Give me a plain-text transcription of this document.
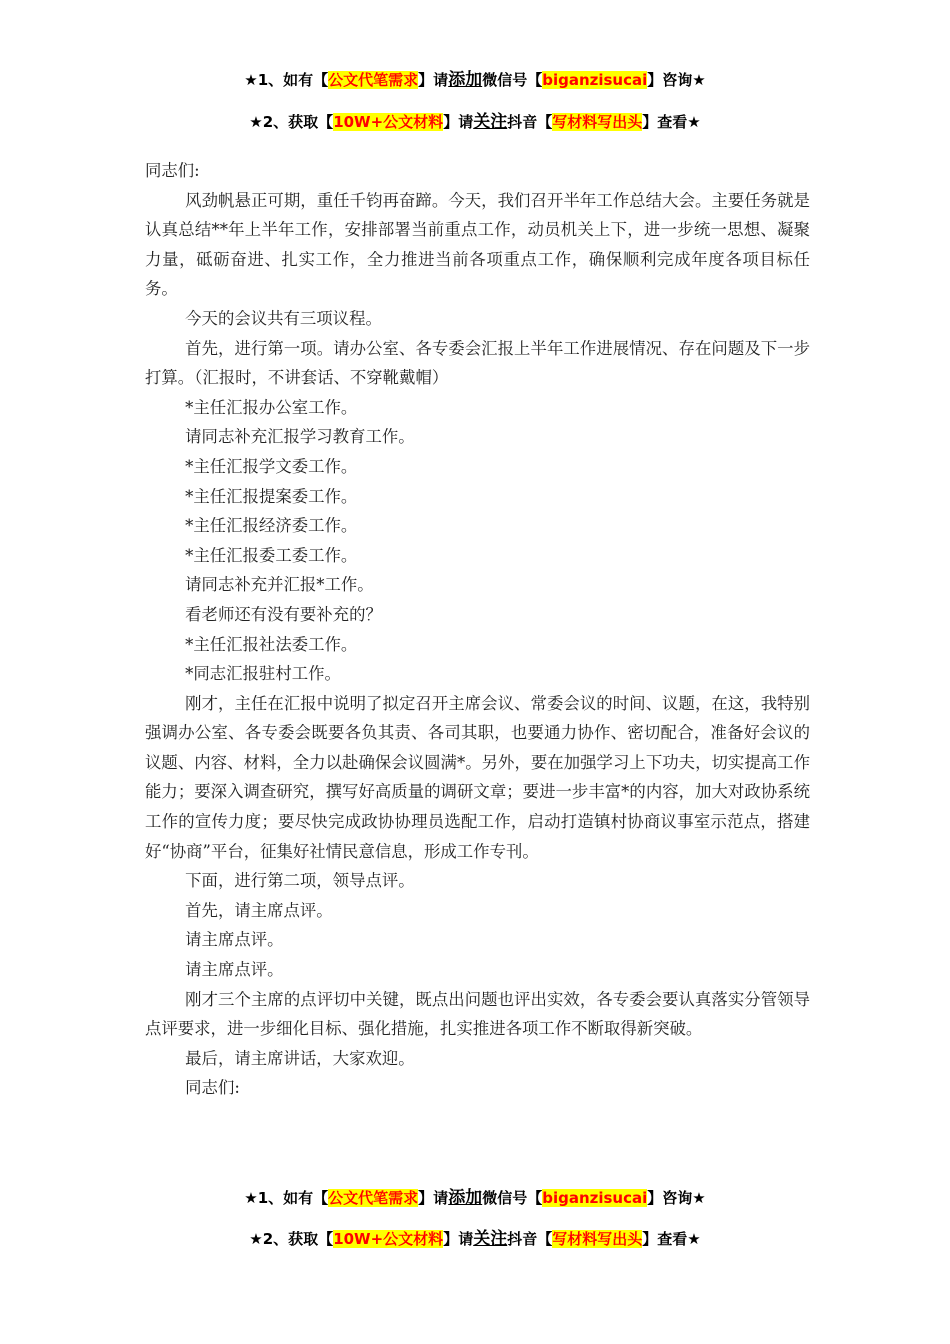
★1、如有【公文代笔需求】请添加微信号【biganzisucai】咨询★
★2、获取【10W+公文材料】请关注抖音【写材料写出头】查看★

同志们:

风劲帆悬正可期，重任千钧再奋蹄。今天，我们召开半年工作总结大会。主要任务就是认真总结**年上半年工作，安排部署当前重点工作，动员机关上下，进一步统一思想、凝聚力量，砥砺奋进、扎实工作，全力推进当前各项重点工作，确保顺利完成年度各项目标任务。

今天的会议共有三项议程。

首先，进行第一项。请办公室、各专委会汇报上半年工作进展情况、存在问题及下一步打算。（汇报时，不讲套话、不穿靴戴帽）

*主任汇报办公室工作。

请同志补充汇报学习教育工作。

*主任汇报学文委工作。

*主任汇报提案委工作。

*主任汇报经济委工作。

*主任汇报委工委工作。

请同志补充并汇报*工作。

看老师还有没有要补充的？

*主任汇报社法委工作。

*同志汇报驻村工作。

刚才，主任在汇报中说明了拟定召开主席会议、常委会议的时间、议题，在这，我特别强调办公室、各专委会既要各负其责、各司其职，也要通力协作、密切配合，准备好会议的议题、内容、材料，全力以赴确保会议圆满*。另外，要在加强学习上下功夫，切实提高工作能力；要深入调查研究，撰写好高质量的调研文章；要进一步丰富*的内容，加大对政协系统工作的宣传力度；要尽快完成政协协理员选配工作，启动打造镇村协商议事室示范点，搭建好“协商”平台，征集好社情民意信息，形成工作专刊。

下面，进行第二项，领导点评。

首先，请主席点评。

请主席点评。

请主席点评。

刚才三个主席的点评切中关键，既点出问题也评出实效，各专委会要认真落实分管领导点评要求，进一步细化目标、强化措施，扎实推进各项工作不断取得新突破。

最后，请主席讲话，大家欢迎。

同志们:

★1、如有【公文代笔需求】请添加微信号【biganzisucai】咨询★
★2、获取【10W+公文材料】请关注抖音【写材料写出头】查看★
